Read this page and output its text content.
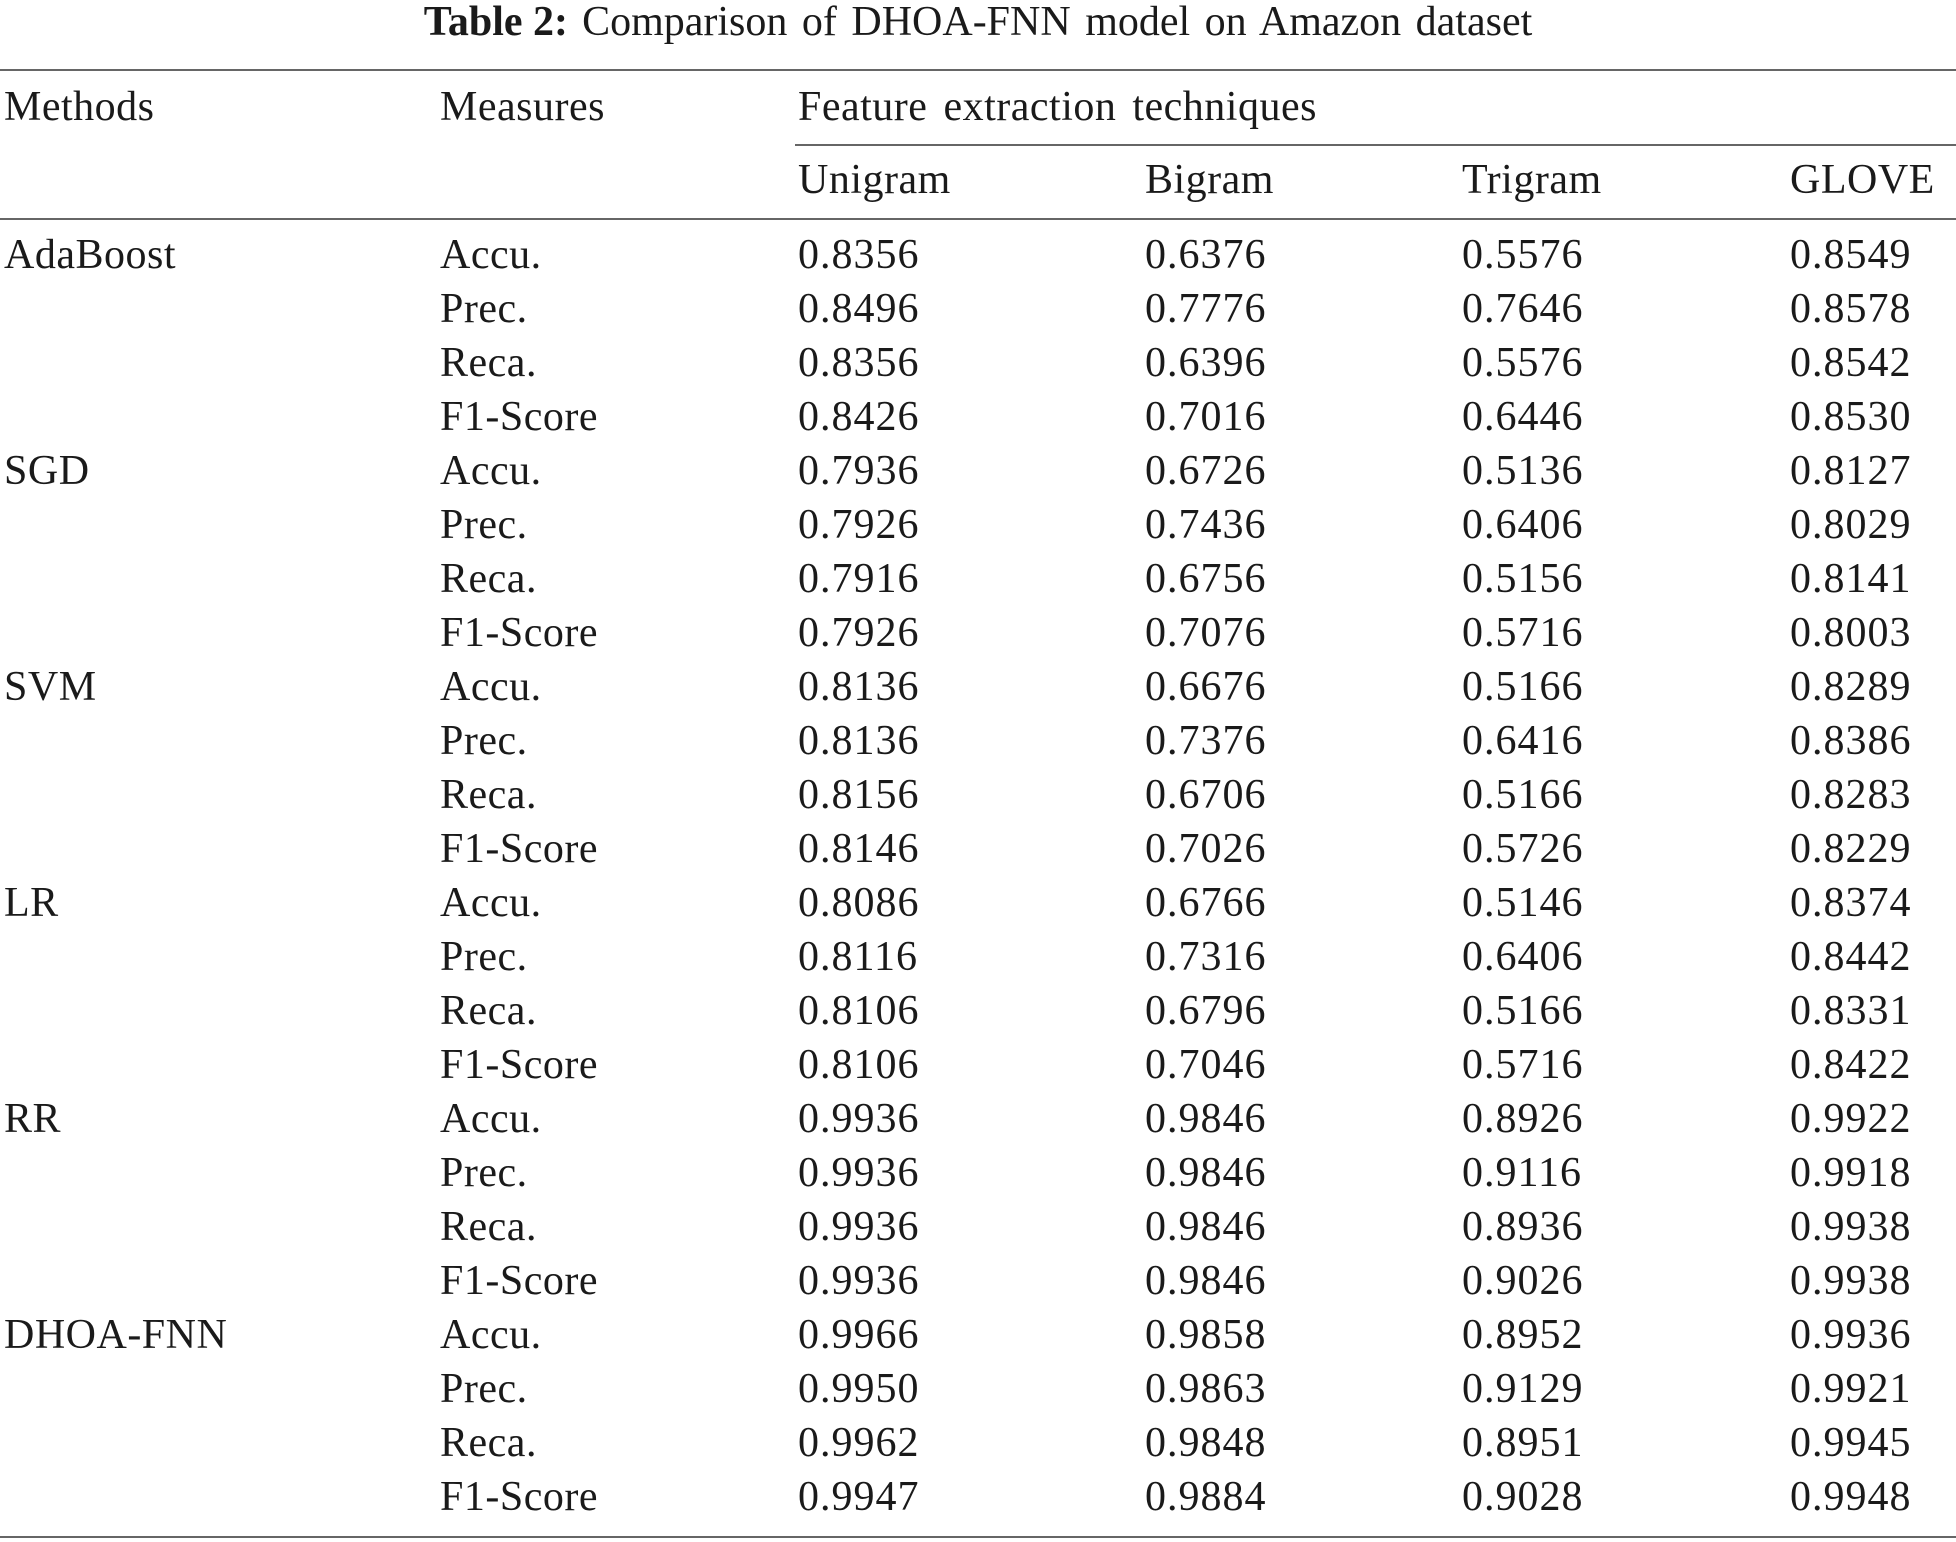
Table 2: Comparison of DHOA-FNN model on Amazon dataset
Methods	Measures	Feature extraction techniques
Unigram	Bigram	Trigram	GLOVE
AdaBoost	Accu.	0.8356	0.6376	0.5576	0.8549
Prec.	0.8496	0.7776	0.7646	0.8578
Reca.	0.8356	0.6396	0.5576	0.8542
F1-Score	0.8426	0.7016	0.6446	0.8530
SGD	Accu.	0.7936	0.6726	0.5136	0.8127
Prec.	0.7926	0.7436	0.6406	0.8029
Reca.	0.7916	0.6756	0.5156	0.8141
F1-Score	0.7926	0.7076	0.5716	0.8003
SVM	Accu.	0.8136	0.6676	0.5166	0.8289
Prec.	0.8136	0.7376	0.6416	0.8386
Reca.	0.8156	0.6706	0.5166	0.8283
F1-Score	0.8146	0.7026	0.5726	0.8229
LR	Accu.	0.8086	0.6766	0.5146	0.8374
Prec.	0.8116	0.7316	0.6406	0.8442
Reca.	0.8106	0.6796	0.5166	0.8331
F1-Score	0.8106	0.7046	0.5716	0.8422
RR	Accu.	0.9936	0.9846	0.8926	0.9922
Prec.	0.9936	0.9846	0.9116	0.9918
Reca.	0.9936	0.9846	0.8936	0.9938
F1-Score	0.9936	0.9846	0.9026	0.9938
DHOA-FNN	Accu.	0.9966	0.9858	0.8952	0.9936
Prec.	0.9950	0.9863	0.9129	0.9921
Reca.	0.9962	0.9848	0.8951	0.9945
F1-Score	0.9947	0.9884	0.9028	0.9948
